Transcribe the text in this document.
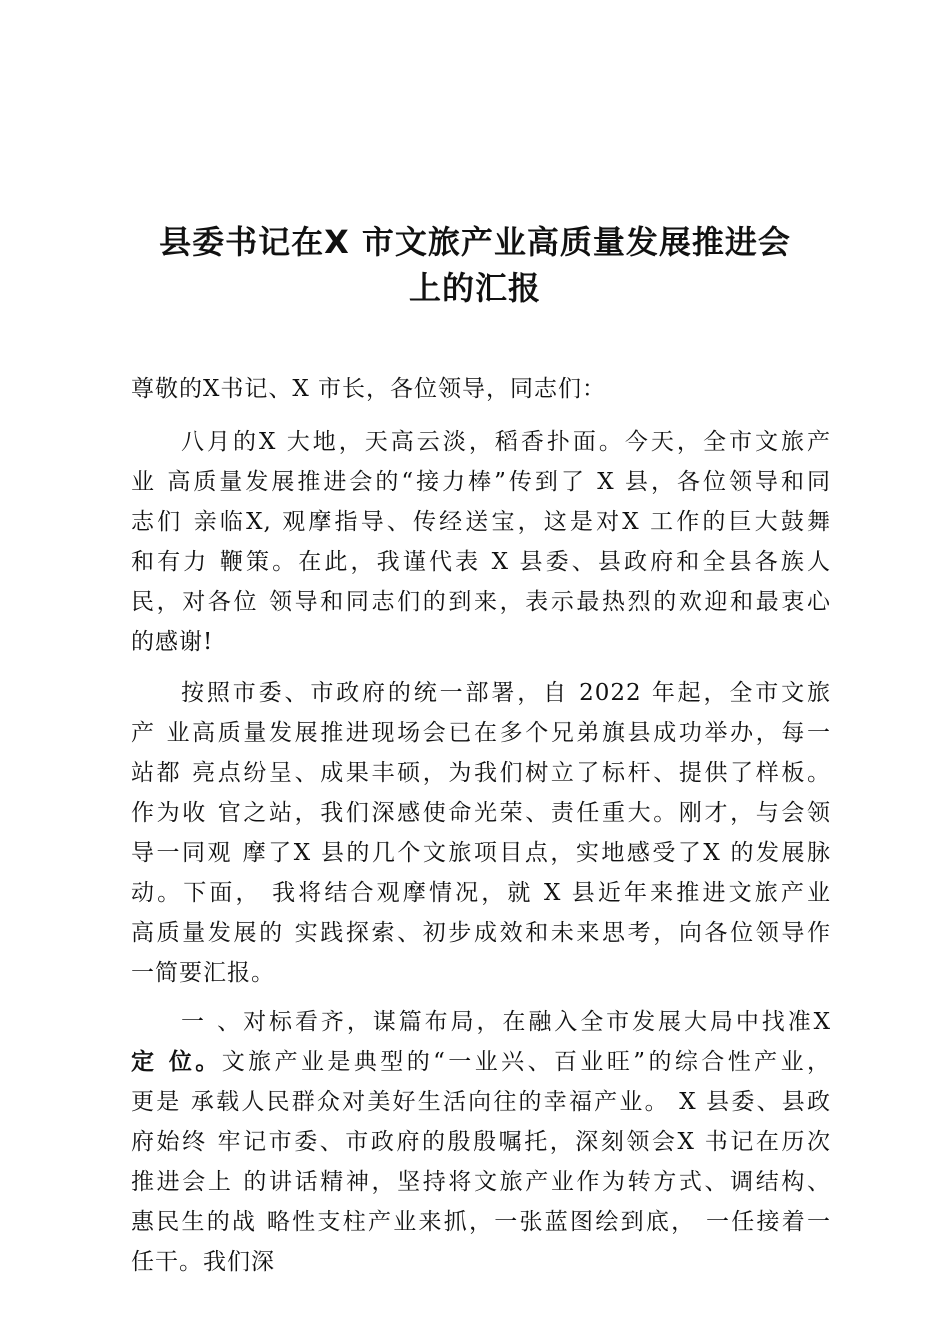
县委书记在X 市文旅产业高质量发展推进会
上的汇报
尊敬的X书记、X 市长，各位领导，同志们：
八月的X 大地，天高云淡，稻香扑面。今天，全市文旅产
业 高质量发展推进会的“接力棒”传到了 X 县，各位领导和同
志们 亲临X, 观摩指导、传经送宝，这是对X 工作的巨大鼓舞
和有力 鞭策。在此，我谨代表 X 县委、县政府和全县各族人
民，对各位 领导和同志们的到来，表示最热烈的欢迎和最衷心
的感谢!
按照市委、市政府的统一部署，自 2022 年起，全市文旅
产 业高质量发展推进现场会已在多个兄弟旗县成功举办，每一
站都 亮点纷呈、成果丰硕，为我们树立了标杆、提供了样板。
作为收 官之站，我们深感使命光荣、责任重大。刚才，与会领
导一同观 摩了X 县的几个文旅项目点，实地感受了X 的发展脉
动。下面， 我将结合观摩情况，就 X 县近年来推进文旅产业
高质量发展的 实践探索、初步成效和未来思考，向各位领导作
一简要汇报。
一 、对标看齐，谋篇布局，在融入全市发展大局中找准X
定 位。文旅产业是典型的“一业兴、百业旺”的综合性产业，
更是 承载人民群众对美好生活向往的幸福产业。 X 县委、县政
府始终 牢记市委、市政府的殷殷嘱托，深刻领会X 书记在历次
推进会上 的讲话精神，坚持将文旅产业作为转方式、调结构、
惠民生的战 略性支柱产业来抓，一张蓝图绘到底， 一任接着一
任干。我们深
